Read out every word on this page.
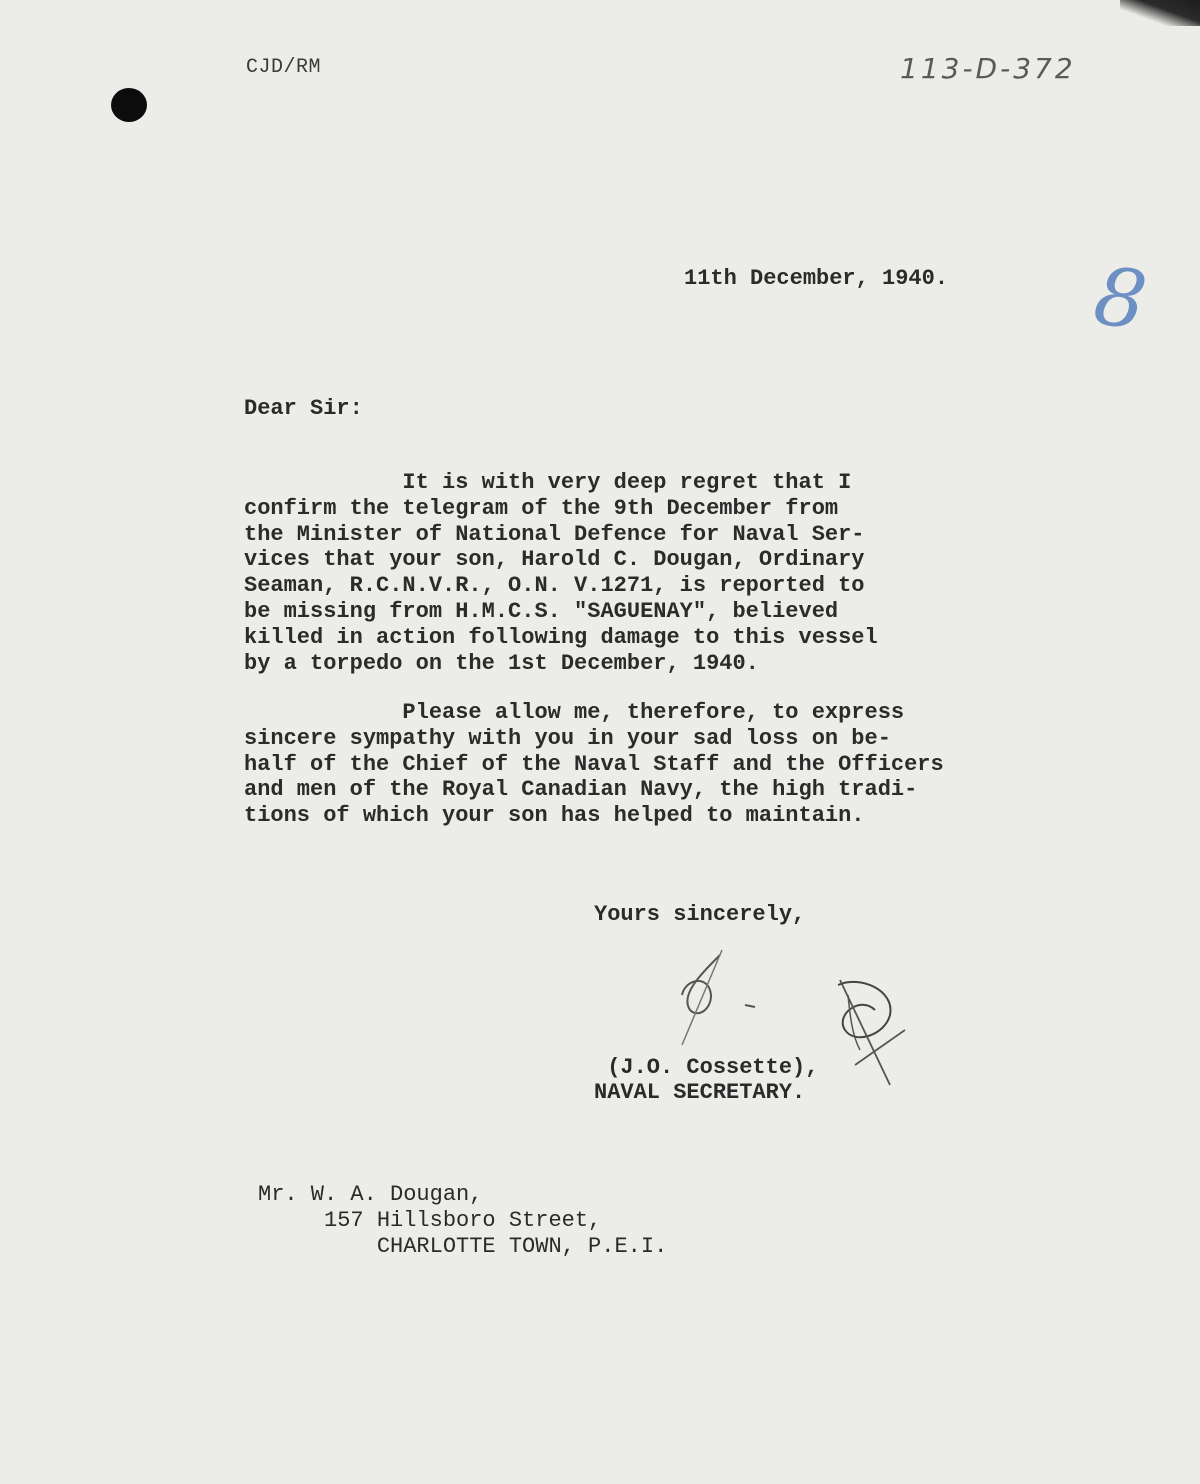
CJD/RM	113-D-372
8
11th December, 1940.
Dear Sir:

It is with very deep regret that I
confirm the telegram of the 9th December from
the Minister of National Defence for Naval Ser-
vices that your son, Harold C. Dougan, Ordinary
Seaman, R.C.N.V.R., O.N. V.1271, is reported to
be missing from H.M.C.S. "SAGUENAY", believed
killed in action following damage to this vessel
by a torpedo on the 1st December, 1940.

Please allow me, therefore, to express
sincere sympathy with you in your sad loss on be-
half of the Chief of the Naval Staff and the Officers
and men of the Royal Canadian Navy, the high tradi-
tions of which your son has helped to maintain.

Yours sincerely,

(J.O. Cossette),
NAVAL SECRETARY.

Mr. W. A. Dougan,
157 Hillsboro Street,
CHARLOTTE TOWN, P.E.I.
